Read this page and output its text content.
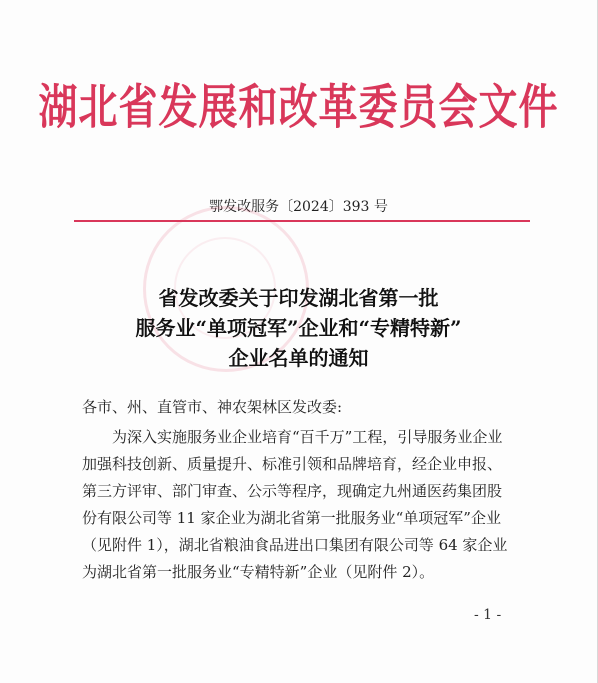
湖北省发展和改革委员会文件
鄂发改服务〔2024〕393 号
省发改委关于印发湖北省第一批
服务业“单项冠军”企业和“专精特新”
企业名单的通知
各市、州、直管市、神农架林区发改委:
为深入实施服务业企业培育“百千万”工程，引导服务业企业
加强科技创新、质量提升、标准引领和品牌培育，经企业申报、
第三方评审、部门审查、公示等程序，现确定九州通医药集团股
份有限公司等 11 家企业为湖北省第一批服务业“单项冠军”企业
（见附件 1），湖北省粮油食品进出口集团有限公司等 64 家企业
为湖北省第一批服务业“专精特新”企业（见附件 2）。
- 1 -
